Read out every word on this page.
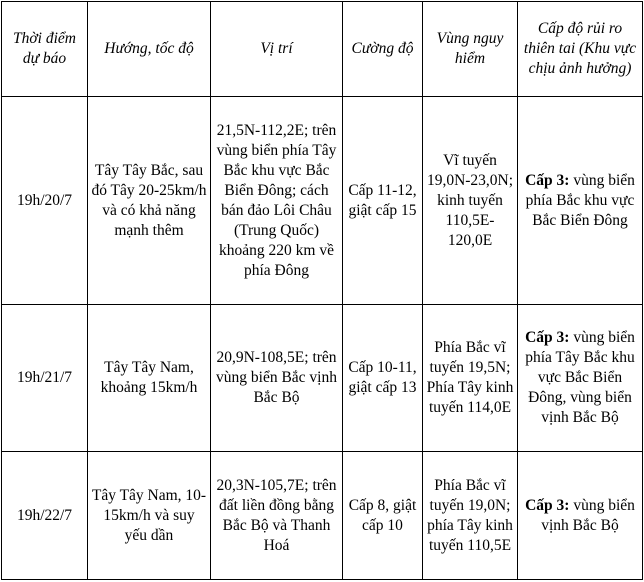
Thời điểm dự báo	Hướng, tốc độ	Vị trí	Cường độ	Vùng nguy hiểm	Cấp độ rủi ro thiên tai (Khu vực chịu ảnh hưởng)
19h/20/7	Tây Tây Bắc, sau đó Tây 20-25km/h và có khả năng mạnh thêm	21,5N-112,2E; trên vùng biển phía Tây Bắc khu vực Bắc Biển Đông; cách bán đảo Lôi Châu (Trung Quốc) khoảng 220 km về phía Đông	Cấp 11-12, giật cấp 15	Vĩ tuyến 19,0N-23,0N; kinh tuyến 110,5E-120,0E	Cấp 3: vùng biển phía Bắc khu vực Bắc Biển Đông
19h/21/7	Tây Tây Nam, khoảng 15km/h	20,9N-108,5E; trên vùng biển Bắc vịnh Bắc Bộ	Cấp 10-11, giật cấp 13	Phía Bắc vĩ tuyến 19,5N; Phía Tây kinh tuyến 114,0E	Cấp 3: vùng biển phía Tây Bắc khu vực Bắc Biển Đông, vùng biển vịnh Bắc Bộ
19h/22/7	Tây Tây Nam, 10-15km/h và suy yếu dần	20,3N-105,7E; trên đất liền đồng bằng Bắc Bộ và Thanh Hoá	Cấp 8, giật cấp 10	Phía Bắc vĩ tuyến 19,0N; phía Tây kinh tuyến 110,5E	Cấp 3: vùng biển vịnh Bắc Bộ
